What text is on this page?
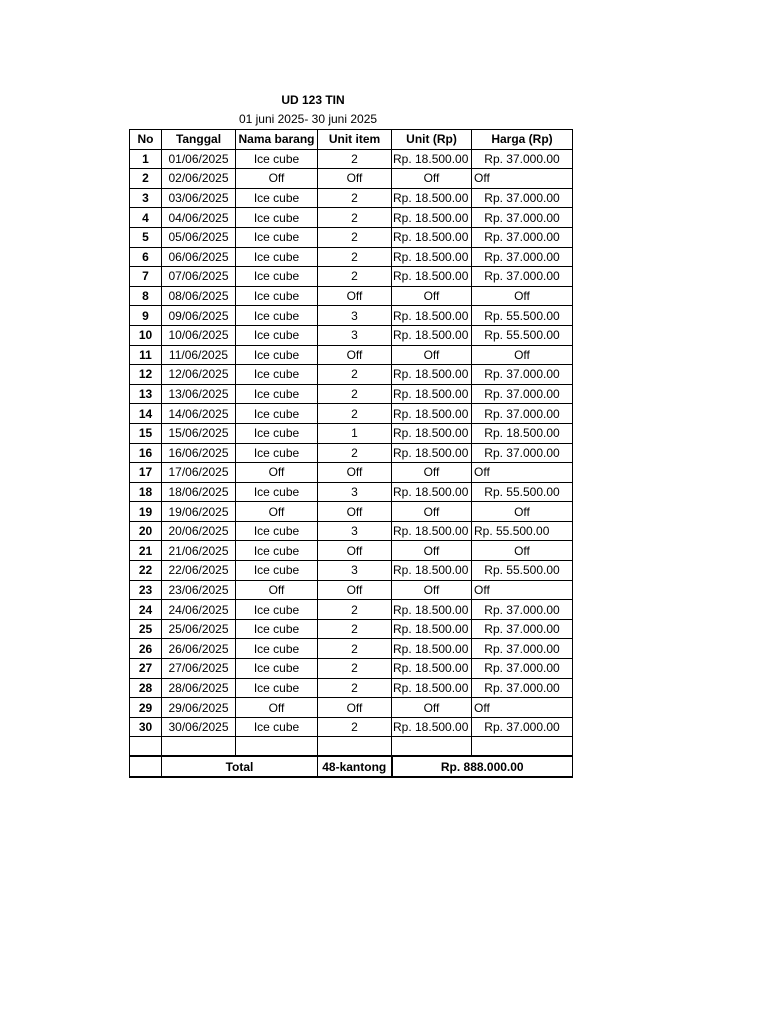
UD 123 TIN
01 juni 2025- 30 juni 2025
No	Tanggal	Nama barang	Unit item	Unit (Rp)	Harga (Rp)
1	01/06/2025	Ice cube	2	Rp. 18.500.00	Rp. 37.000.00
2	02/06/2025	Off	Off	Off	Off
3	03/06/2025	Ice cube	2	Rp. 18.500.00	Rp. 37.000.00
4	04/06/2025	Ice cube	2	Rp. 18.500.00	Rp. 37.000.00
5	05/06/2025	Ice cube	2	Rp. 18.500.00	Rp. 37.000.00
6	06/06/2025	Ice cube	2	Rp. 18.500.00	Rp. 37.000.00
7	07/06/2025	Ice cube	2	Rp. 18.500.00	Rp. 37.000.00
8	08/06/2025	Ice cube	Off	Off	Off
9	09/06/2025	Ice cube	3	Rp. 18.500.00	Rp. 55.500.00
10	10/06/2025	Ice cube	3	Rp. 18.500.00	Rp. 55.500.00
11	11/06/2025	Ice cube	Off	Off	Off
12	12/06/2025	Ice cube	2	Rp. 18.500.00	Rp. 37.000.00
13	13/06/2025	Ice cube	2	Rp. 18.500.00	Rp. 37.000.00
14	14/06/2025	Ice cube	2	Rp. 18.500.00	Rp. 37.000.00
15	15/06/2025	Ice cube	1	Rp. 18.500.00	Rp. 18.500.00
16	16/06/2025	Ice cube	2	Rp. 18.500.00	Rp. 37.000.00
17	17/06/2025	Off	Off	Off	Off
18	18/06/2025	Ice cube	3	Rp. 18.500.00	Rp. 55.500.00
19	19/06/2025	Off	Off	Off	Off
20	20/06/2025	Ice cube	3	Rp. 18.500.00	Rp. 55.500.00
21	21/06/2025	Ice cube	Off	Off	Off
22	22/06/2025	Ice cube	3	Rp. 18.500.00	Rp. 55.500.00
23	23/06/2025	Off	Off	Off	Off
24	24/06/2025	Ice cube	2	Rp. 18.500.00	Rp. 37.000.00
25	25/06/2025	Ice cube	2	Rp. 18.500.00	Rp. 37.000.00
26	26/06/2025	Ice cube	2	Rp. 18.500.00	Rp. 37.000.00
27	27/06/2025	Ice cube	2	Rp. 18.500.00	Rp. 37.000.00
28	28/06/2025	Ice cube	2	Rp. 18.500.00	Rp. 37.000.00
29	29/06/2025	Off	Off	Off	Off
30	30/06/2025	Ice cube	2	Rp. 18.500.00	Rp. 37.000.00

	Total		48-kantong	Rp. 888.000.00	
